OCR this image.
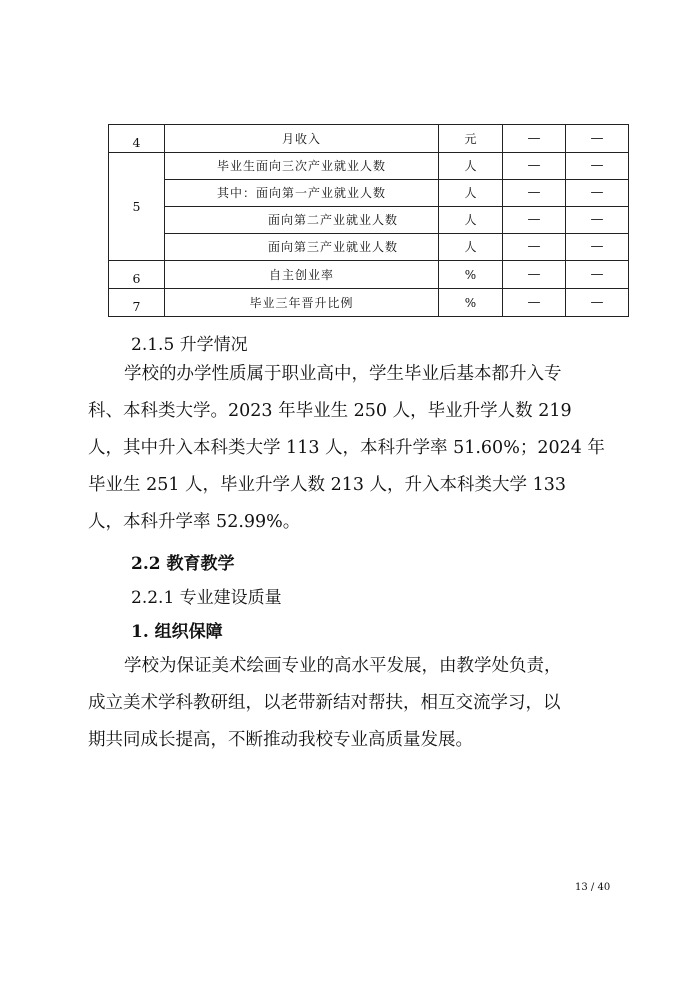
4	月收入	元	—	—
5	毕业生面向三次产业就业人数	人	—	—
	其中：面向第一产业就业人数	人	—	—
	面向第二产业就业人数	人	—	—
	面向第三产业就业人数	人	—	—
6	自主创业率	%	—	—
7	毕业三年晋升比例	%	—	—

2.1.5 升学情况

学校的办学性质属于职业高中，学生毕业后基本都升入专

科、本科类大学。2023 年毕业生 250 人，毕业升学人数 219

人，其中升入本科类大学 113 人，本科升学率 51.60%；2024 年

毕业生 251 人，毕业升学人数 213 人，升入本科类大学 133

人，本科升学率 52.99%。

2.2 教育教学

2.2.1 专业建设质量

1. 组织保障

学校为保证美术绘画专业的高水平发展，由教学处负责，

成立美术学科教研组，以老带新结对帮扶，相互交流学习，以

期共同成长提高，不断推动我校专业高质量发展。

13 / 40
